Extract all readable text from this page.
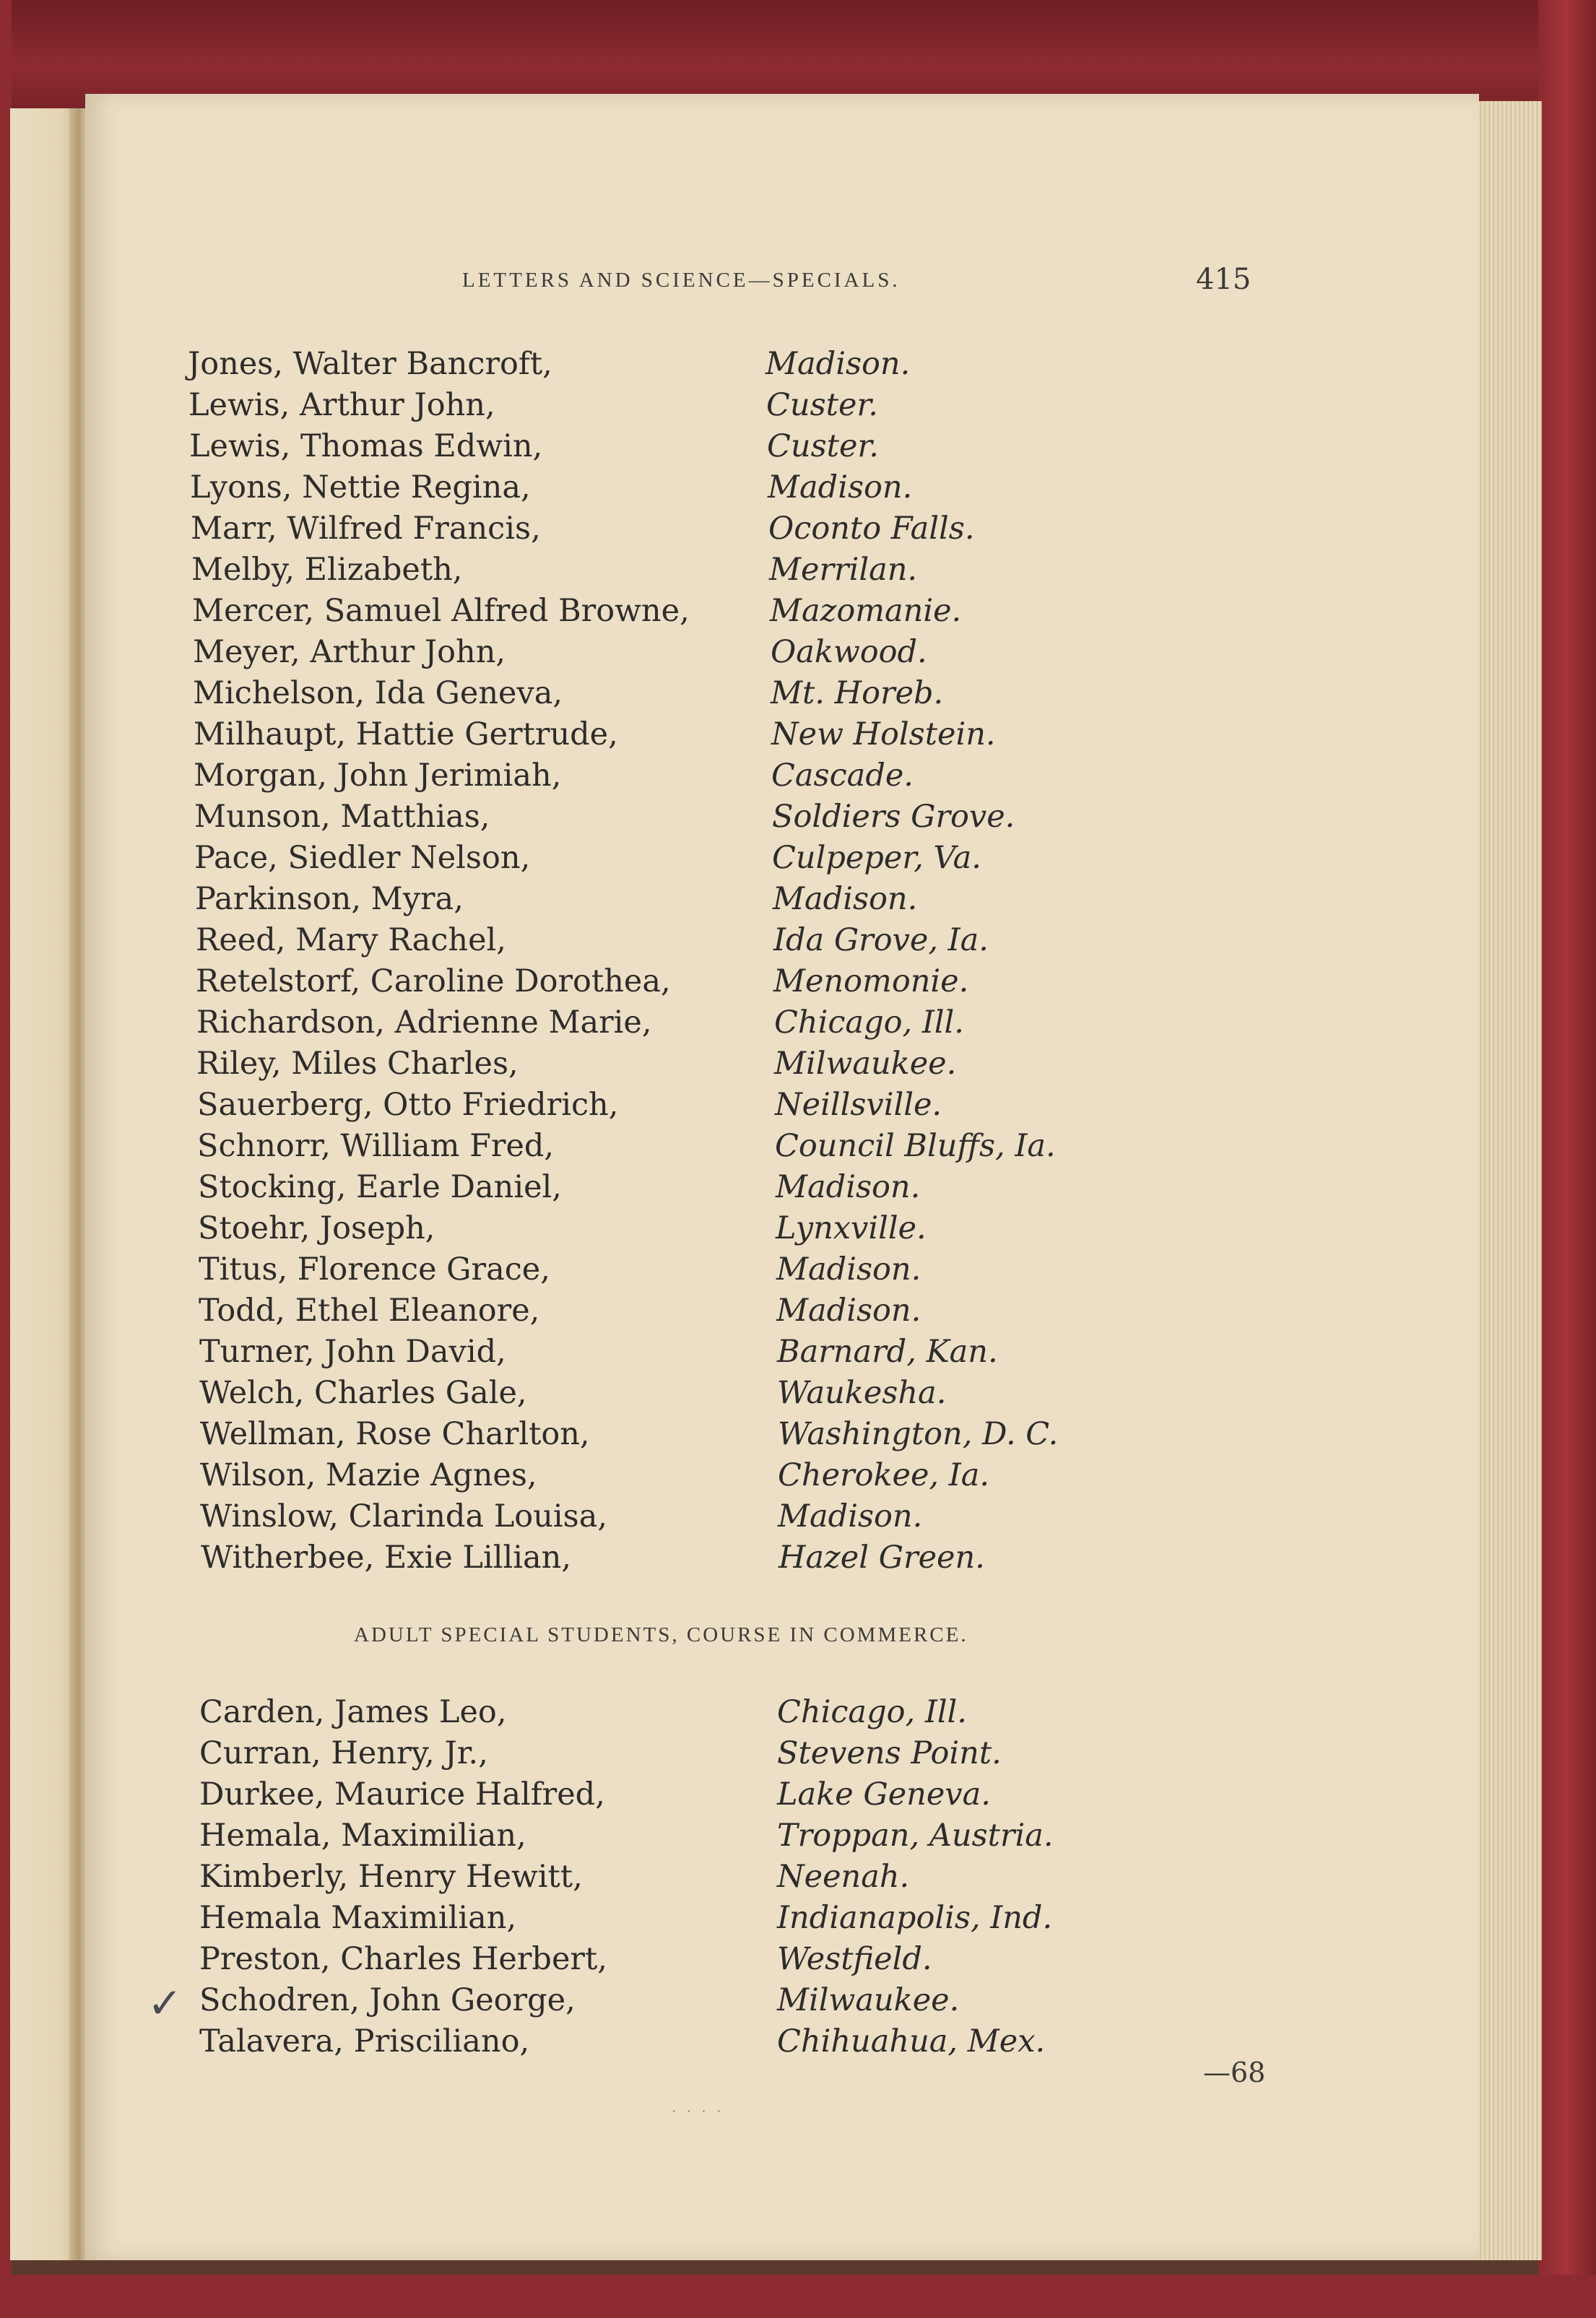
LETTERS AND SCIENCE—SPECIALS.	415
Jones, Walter Bancroft,	Madison.
Lewis, Arthur John,	Custer.
Lewis, Thomas Edwin,	Custer.
Lyons, Nettie Regina,	Madison.
Marr, Wilfred Francis,	Oconto Falls.
Melby, Elizabeth,	Merrilan.
Mercer, Samuel Alfred Browne,	Mazomanie.
Meyer, Arthur John,	Oakwood.
Michelson, Ida Geneva,	Mt. Horeb.
Milhaupt, Hattie Gertrude,	New Holstein.
Morgan, John Jerimiah,	Cascade.
Munson, Matthias,	Soldiers Grove.
Pace, Siedler Nelson,	Culpeper, Va.
Parkinson, Myra,	Madison.
Reed, Mary Rachel,	Ida Grove, Ia.
Retelstorf, Caroline Dorothea,	Menomonie.
Richardson, Adrienne Marie,	Chicago, Ill.
Riley, Miles Charles,	Milwaukee.
Sauerberg, Otto Friedrich,	Neillsville.
Schnorr, William Fred,	Council Bluffs, Ia.
Stocking, Earle Daniel,	Madison.
Stoehr, Joseph,	Lynxville.
Titus, Florence Grace,	Madison.
Todd, Ethel Eleanore,	Madison.
Turner, John David,	Barnard, Kan.
Welch, Charles Gale,	Waukesha.
Wellman, Rose Charlton,	Washington, D. C.
Wilson, Mazie Agnes,	Cherokee, Ia.
Winslow, Clarinda Louisa,	Madison.
Witherbee, Exie Lillian,	Hazel Green.
ADULT SPECIAL STUDENTS, COURSE IN COMMERCE.
Carden, James Leo,	Chicago, Ill.
Curran, Henry, Jr.,	Stevens Point.
Durkee, Maurice Halfred,	Lake Geneva.
Hemala, Maximilian,	Troppan, Austria.
Kimberly, Henry Hewitt,	Neenah.
Hemala Maximilian,	Indianapolis, Ind.
Preston, Charles Herbert,	Westfield.
Schodren, John George,	Milwaukee.
Talavera, Prisciliano,	Chihuahua, Mex.
✓
—68
· · · ·
